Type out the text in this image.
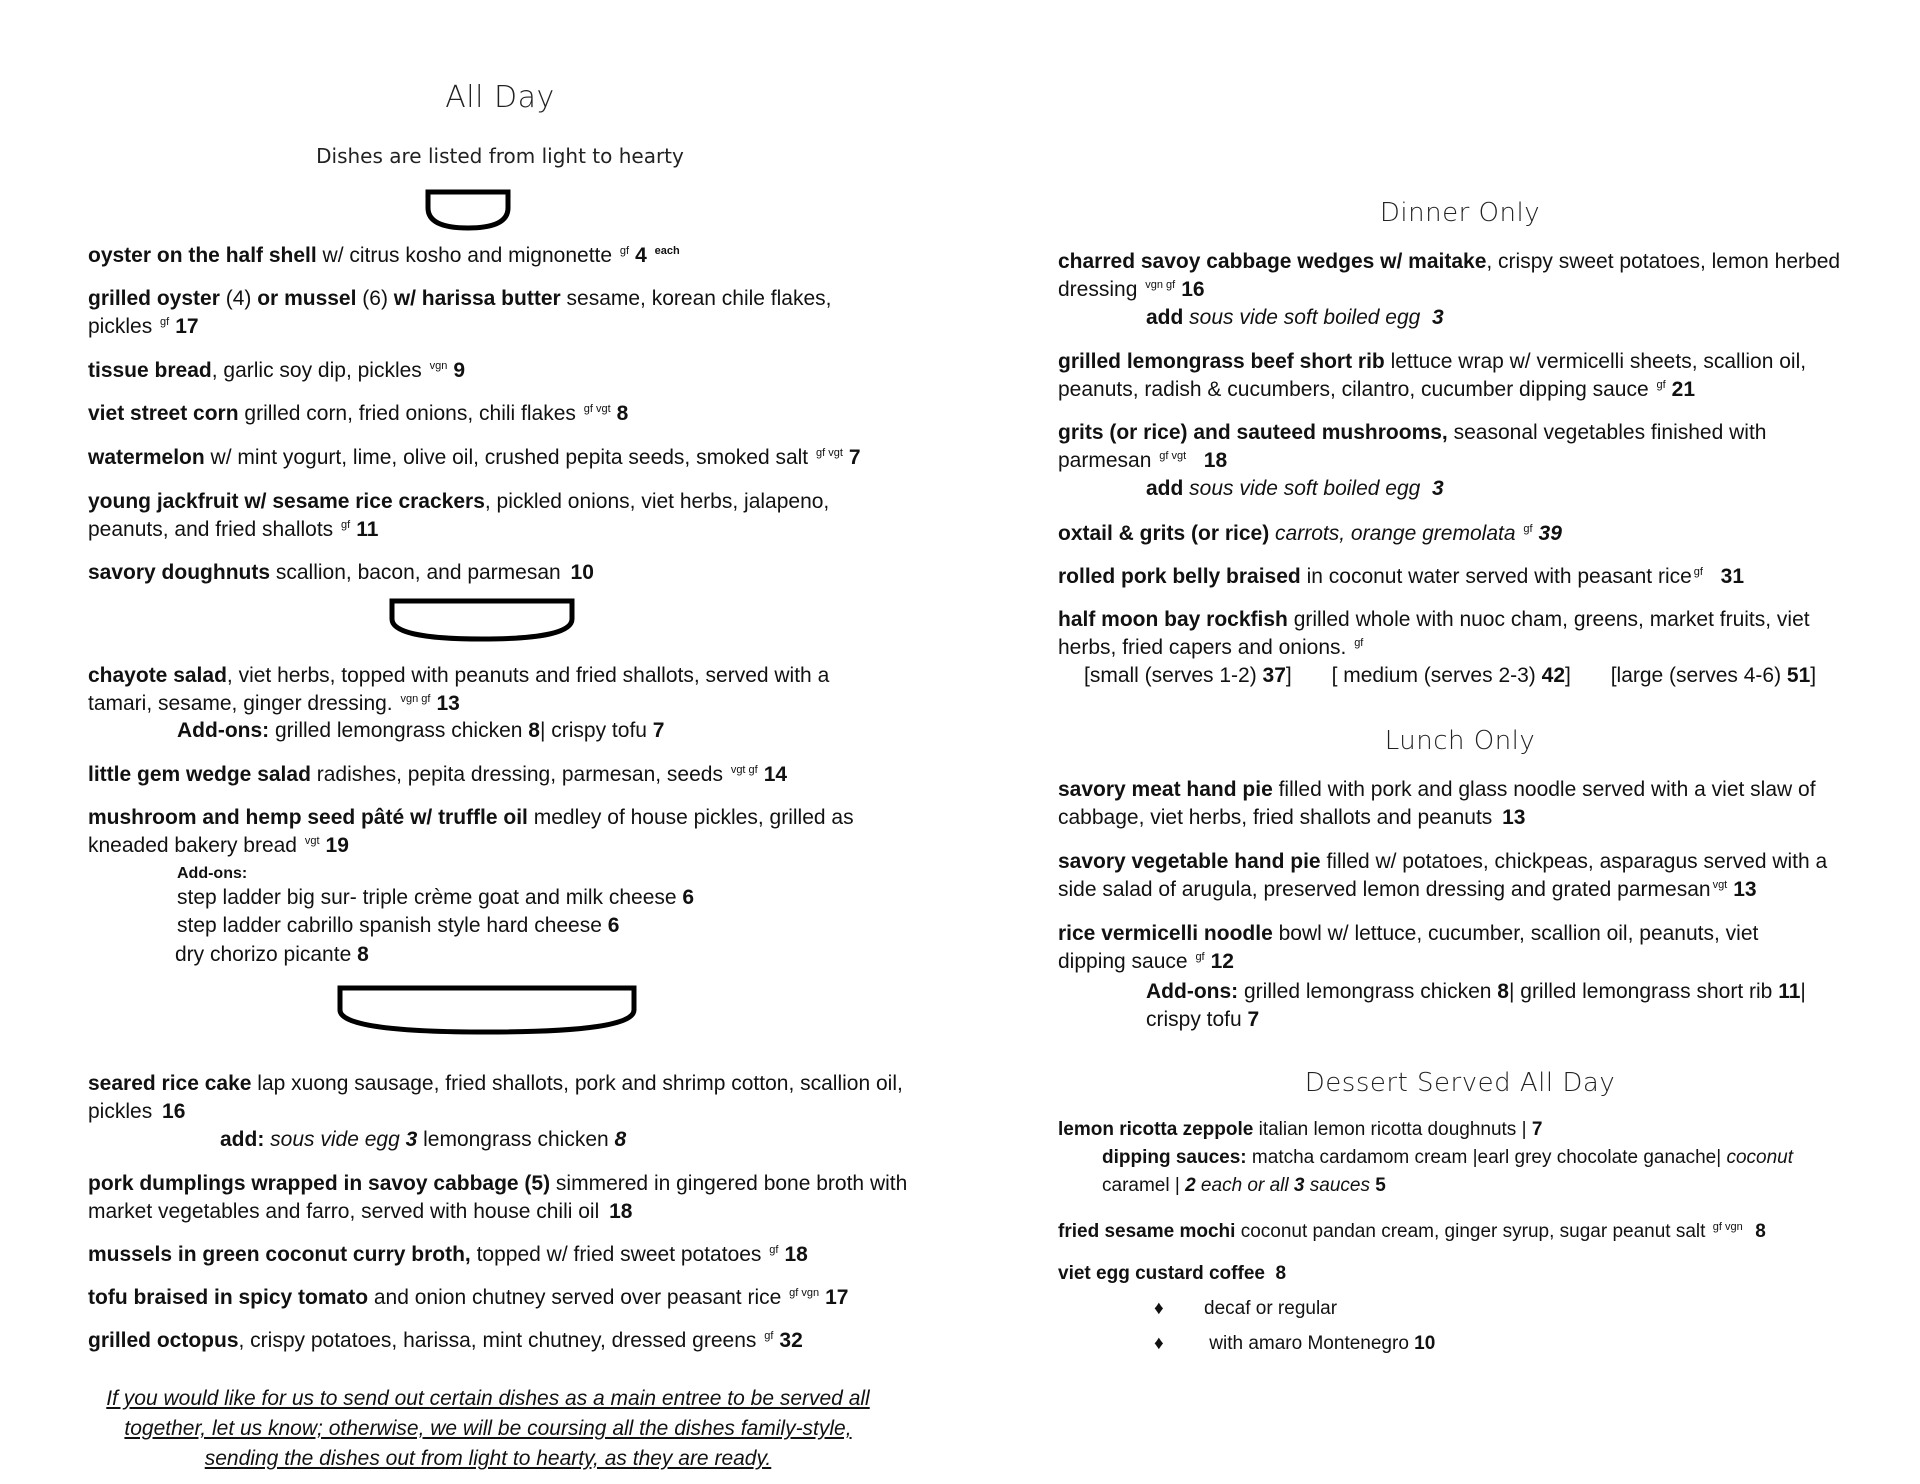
All Day
Dishes are listed from light to hearty
oyster on the half shell w/ citrus kosho and mignonette $^{gf}$ 4 $^{each}$
grilled oyster (4) or mussel (6) w/ harissa butter sesame, korean chile flakes, pickles $^{gf}$ 17
tissue bread, garlic soy dip, pickles $^{vgn}$ 9
viet street corn grilled corn, fried onions, chili flakes $^{gf vgt}$ 8
watermelon w/ mint yogurt, lime, olive oil, crushed pepita seeds, smoked salt $^{gf vgt}$ 7
young jackfruit w/ sesame rice crackers, pickled onions, viet herbs, jalapeno, peanuts, and fried shallots $^{gf}$ 11
savory doughnuts scallion, bacon, and parmesan 10
chayote salad, viet herbs, topped with peanuts and fried shallots, served with a tamari, sesame, ginger dressing. $^{vgn gf}$ 13
Add-ons: grilled lemongrass chicken 8| crispy tofu 7
little gem wedge salad radishes, pepita dressing, parmesan, seeds $^{vgt gf}$ 14
mushroom and hemp seed pâté w/ truffle oil medley of house pickles, grilled as kneaded bakery bread $^{vgt}$ 19
Add-ons:
step ladder big sur- triple crème goat and milk cheese 6
step ladder cabrillo spanish style hard cheese 6
dry chorizo picante 8
seared rice cake lap xuong sausage, fried shallots, pork and shrimp cotton, scallion oil, pickles 16
add: sous vide egg 3 lemongrass chicken 8
pork dumplings wrapped in savoy cabbage (5) simmered in gingered bone broth with market vegetables and farro, served with house chili oil 18
mussels in green coconut curry broth, topped w/ fried sweet potatoes $^{gf}$ 18
tofu braised in spicy tomato and onion chutney served over peasant rice $^{gf vgn}$ 17
grilled octopus, crispy potatoes, harissa, mint chutney, dressed greens $^{gf}$ 32
If you would like for us to send out certain dishes as a main entree to be served all together, let us know; otherwise, we will be coursing all the dishes family-style, sending the dishes out from light to hearty, as they are ready.
Dinner Only
charred savoy cabbage wedges w/ maitake, crispy sweet potatoes, lemon herbed dressing $^{vgn gf}$ 16
add sous vide soft boiled egg  3
grilled lemongrass beef short rib lettuce wrap w/ vermicelli sheets, scallion oil, peanuts, radish & cucumbers, cilantro, cucumber dipping sauce $^{gf}$ 21
grits (or rice) and sauteed mushrooms, seasonal vegetables finished with parmesan $^{gf vgt}$ 18
add sous vide soft boiled egg  3
oxtail & grits (or rice) carrots, orange gremolata $^{gf}$ 39
rolled pork belly braised in coconut water served with peasant rice $^{gf}$ 31
half moon bay rockfish grilled whole with nuoc cham, greens, market fruits, viet herbs, fried capers and onions. $^{gf}$
[small (serves 1-2) 37] [ medium (serves 2-3) 42] [large (serves 4-6) 51]
Lunch Only
savory meat hand pie filled with pork and glass noodle served with a viet slaw of cabbage, viet herbs, fried shallots and peanuts 13
savory vegetable hand pie filled w/ potatoes, chickpeas, asparagus served with a side salad of arugula, preserved lemon dressing and grated parmesan $^{vgt}$ 13
rice vermicelli noodle bowl w/ lettuce, cucumber, scallion oil, peanuts, viet dipping sauce $^{gf}$ 12
Add-ons: grilled lemongrass chicken 8| grilled lemongrass short rib 11| crispy tofu 7
Dessert Served All Day
lemon ricotta zeppole italian lemon ricotta doughnuts | 7
dipping sauces: matcha cardamom cream |earl grey chocolate ganache| coconut
caramel | 2 each or all 3 sauces 5
fried sesame mochi coconut pandan cream, ginger syrup, sugar peanut salt $^{gf vgn}$ 8
viet egg custard coffee 8
♦ decaf or regular
♦ with amaro Montenegro 10
